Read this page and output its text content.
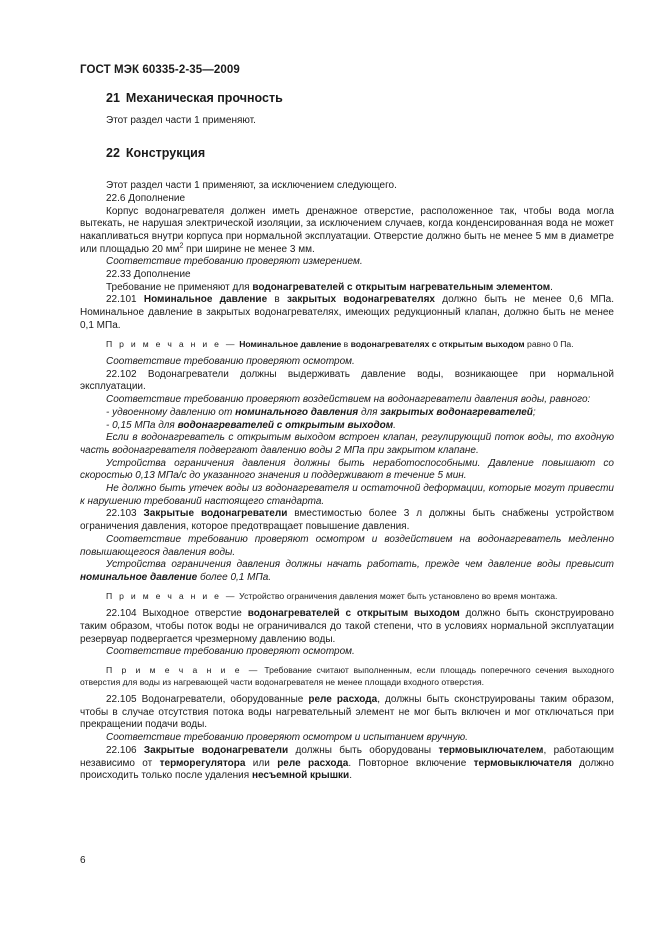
ГОСТ МЭК 60335-2-35—2009
21 Механическая прочность

Этот раздел части 1 применяют.

22 Конструкция

Этот раздел части 1 применяют, за исключением следующего.

22.6 Дополнение

Корпус водонагревателя должен иметь дренажное отверстие, расположенное так, чтобы вода могла вытекать, не нарушая электрической изоляции, за исключением случаев, когда конденсированная вода не может накапливаться внутри корпуса при нормальной эксплуатации. Отверстие должно быть не менее 5 мм в диаметре или площадью 20 $мм^2$ при ширине не менее 3 мм.

Соответствие требованию проверяют измерением.

22.33 Дополнение

Требование не применяют для водонагревателей с открытым нагревательным элементом.

22.101 Номинальное давление в закрытых водонагревателях должно быть не менее 0,6 МПа. Номинальное давление в закрытых водонагревателях, имеющих редукционный клапан, должно быть не менее 0,1 МПа.

П р и м е ч а н и е — Номинальное давление в водонагревателях с открытым выходом равно 0 Па.

Соответствие требованию проверяют осмотром.

22.102 Водонагреватели должны выдерживать давление воды, возникающее при нормальной эксплуатации.

Соответствие требованию проверяют воздействием на водонагреватели давления воды, равного:

- удвоенному давлению от номинального давления для закрытых водонагревателей;

- 0,15 МПа для водонагревателей с открытым выходом.

Если в водонагреватель с открытым выходом встроен клапан, регулирующий поток воды, то входную часть водонагревателя подвергают давлению воды 2 МПа при закрытом клапане.

Устройства ограничения давления должны быть неработоспособными. Давление повышают со скоростью 0,13 МПа/с до указанного значения и поддерживают в течение 5 мин.

Не должно быть утечек воды из водонагревателя и остаточной деформации, которые могут привести к нарушению требований настоящего стандарта.

22.103 Закрытые водонагреватели вместимостью более 3 л должны быть снабжены устройством ограничения давления, которое предотвращает повышение давления.

Соответствие требованию проверяют осмотром и воздействием на водонагреватель медленно повышающегося давления воды.

Устройства ограничения давления должны начать работать, прежде чем давление воды превысит номинальное давление более 0,1 МПа.

П р и м е ч а н и е — Устройство ограничения давления может быть установлено во время монтажа.

22.104 Выходное отверстие водонагревателей с открытым выходом должно быть сконструировано таким образом, чтобы поток воды не ограничивался до такой степени, что в условиях нормальной эксплуатации резервуар подвергается чрезмерному давлению воды.

Соответствие требованию проверяют осмотром.

П р и м е ч а н и е — Требование считают выполненным, если площадь поперечного сечения выходного отверстия для воды из нагревающей части водонагревателя не менее площади входного отверстия.

22.105 Водонагреватели, оборудованные реле расхода, должны быть сконструированы таким образом, чтобы в случае отсутствия потока воды нагревательный элемент не мог быть включен и мог отключаться при прекращении подачи воды.

Соответствие требованию проверяют осмотром и испытанием вручную.

22.106 Закрытые водонагреватели должны быть оборудованы термовыключателем, работающим независимо от терморегулятора или реле расхода. Повторное включение термовыключателя должно происходить только после удаления несъемной крышки.

6
